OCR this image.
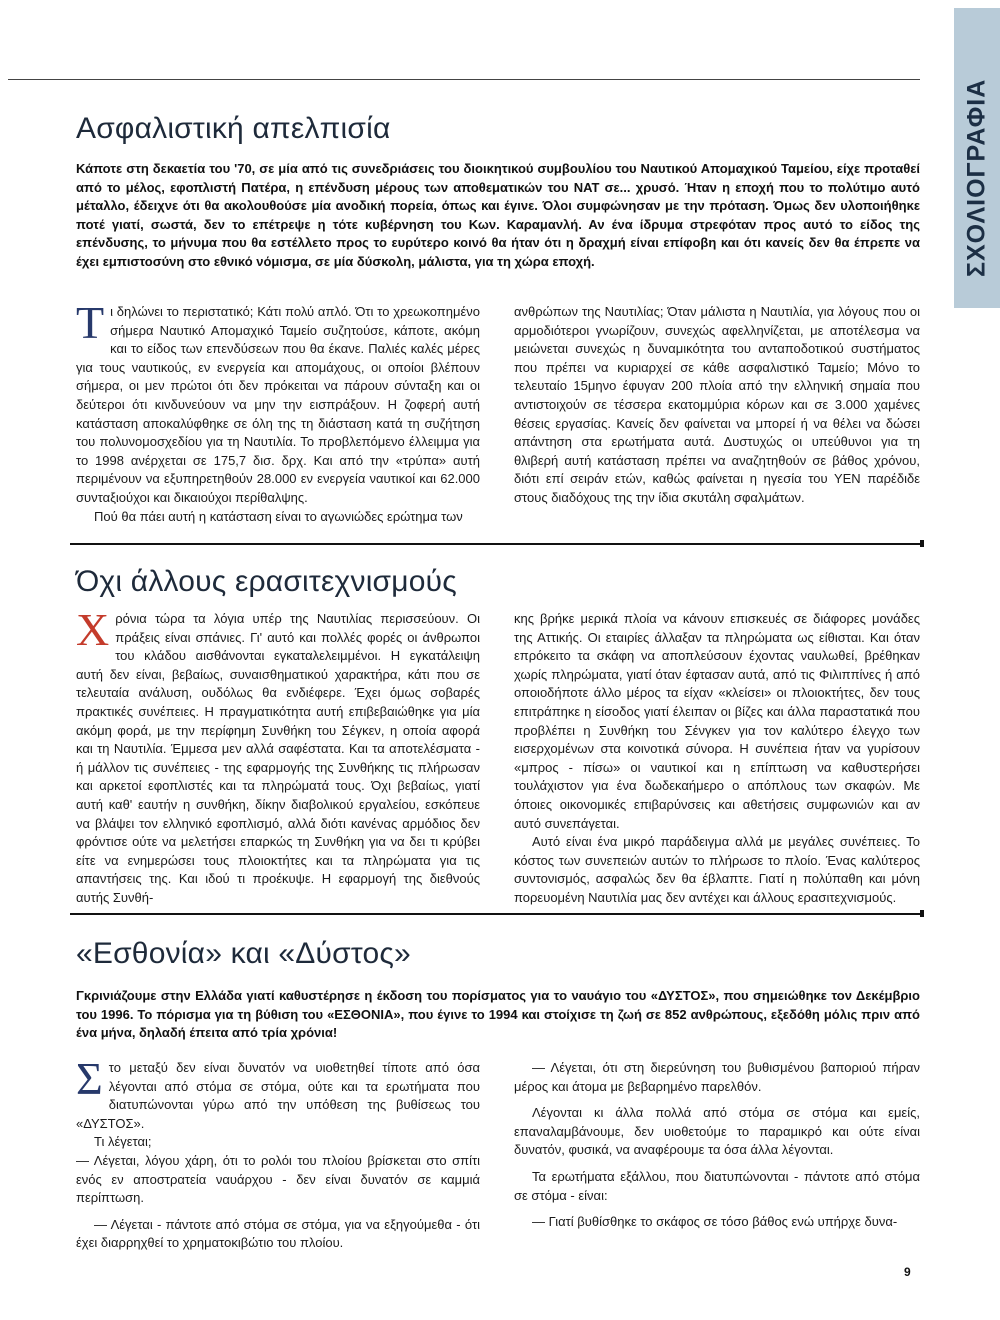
ΣΧΟΛΙΟΓΡΑΦΙΑ
Ασφαλιστική απελπισία

Κάποτε στη δεκαετία του '70, σε μία από τις συνεδριάσεις του διοικητικού συμβουλίου του Ναυτικού Απομαχικού Ταμείου, είχε προταθεί από το μέλος, εφοπλιστή Πατέρα, η επένδυση μέρους των αποθεματικών του ΝΑΤ σε... χρυσό. Ήταν η εποχή που το πολύτιμο αυτό μέταλλο, έδειχνε ότι θα ακολουθούσε μία ανοδική πορεία, όπως και έγινε. Όλοι συμφώνησαν με την πρόταση. Όμως δεν υλοποιήθηκε ποτέ γιατί, σωστά, δεν το επέτρεψε η τότε κυβέρνηση του Κων. Καραμανλή. Αν ένα ίδρυμα στρεφόταν προς αυτό το είδος της επένδυσης, το μήνυμα που θα εστέλλετο προς το ευρύτερο κοινό θα ήταν ότι η δραχμή είναι επίφοβη και ότι κανείς δεν θα έπρεπε να έχει εμπιστοσύνη στο εθνικό νόμισμα, σε μία δύσκολη, μάλιστα, για τη χώρα εποχή.

Τι δηλώνει το περιστατικό; Κάτι πολύ απλό. Ότι το χρεωκοπημένο σήμερα Ναυτικό Απομαχικό Ταμείο συζητούσε, κάποτε, ακόμη και το είδος των επενδύσεων που θα έκανε. Παλιές καλές μέρες για τους ναυτικούς, εν ενεργεία και απομάχους, οι οποίοι βλέπουν σήμερα, οι μεν πρώτοι ότι δεν πρόκειται να πάρουν σύνταξη και οι δεύτεροι ότι κινδυνεύουν να μην την εισπράξουν. Η ζοφερή αυτή κατάσταση αποκαλύφθηκε σε όλη της τη διάσταση κατά τη συζήτηση του πολυνομοσχεδίου για τη Ναυτιλία. Το προβλεπόμενο έλλειμμα για το 1998 ανέρχεται σε 175,7 δισ. δρχ. Και από την «τρύπα» αυτή περιμένουν να εξυπηρετηθούν 28.000 εν ενεργεία ναυτικοί και 62.000 συνταξιούχοι και δικαιούχοι περίθαλψης.

Πού θα πάει αυτή η κατάσταση είναι το αγωνιώδες ερώτημα των

ανθρώπων της Ναυτιλίας; Όταν μάλιστα η Ναυτιλία, για λόγους που οι αρμοδιότεροι γνωρίζουν, συνεχώς αφελληνίζεται, με αποτέλεσμα να μειώνεται συνεχώς η δυναμικότητα του ανταποδοτικού συστήματος που πρέπει να κυριαρχεί σε κάθε ασφαλιστικό Ταμείο; Μόνο το τελευταίο 15μηνο έφυγαν 200 πλοία από την ελληνική σημαία που αντιστοιχούν σε τέσσερα εκατομμύρια κόρων και σε 3.000 χαμένες θέσεις εργασίας. Κανείς δεν φαίνεται να μπορεί ή να θέλει να δώσει απάντηση στα ερωτήματα αυτά. Δυστυχώς οι υπεύθυνοι για τη θλιβερή αυτή κατάσταση πρέπει να αναζητηθούν σε βάθος χρόνου, διότι επί σειράν ετών, καθώς φαίνεται η ηγεσία του ΥΕΝ παρέδιδε στους διαδόχους της την ίδια σκυτάλη σφαλμάτων.

Όχι άλλους ερασιτεχνισμούς

Χρόνια τώρα τα λόγια υπέρ της Ναυτιλίας περισσεύουν. Οι πράξεις είναι σπάνιες. Γι' αυτό και πολλές φορές οι άνθρωποι του κλάδου αισθάνονται εγκαταλελειμμένοι. Η εγκατάλειψη αυτή δεν είναι, βεβαίως, συναισθηματικού χαρακτήρα, κάτι που σε τελευταία ανάλυση, ουδόλως θα ενδιέφερε. Έχει όμως σοβαρές πρακτικές συνέπειες. Η πραγματικότητα αυτή επιβεβαιώθηκε για μία ακόμη φορά, με την περίφημη Συνθήκη του Σέγκεν, η οποία αφορά και τη Ναυτιλία. Έμμεσα μεν αλλά σαφέστατα. Και τα αποτελέσματα - ή μάλλον τις συνέπειες - της εφαρμογής της Συνθήκης τις πλήρωσαν και αρκετοί εφοπλιστές και τα πληρώματά τους. Όχι βεβαίως, γιατί αυτή καθ' εαυτήν η συνθήκη, δίκην διαβολικού εργαλείου, εσκόπευε να βλάψει τον ελληνικό εφοπλισμό, αλλά διότι κανένας αρμόδιος δεν φρόντισε ούτε να μελετήσει επαρκώς τη Συνθήκη για να δει τι κρύβει είτε να ενημερώσει τους πλοιοκτήτες και τα πληρώματα για τις απαντήσεις της. Και ιδού τι προέκυψε. Η εφαρμογή της διεθνούς αυτής Συνθή-

κης βρήκε μερικά πλοία να κάνουν επισκευές σε διάφορες μονάδες της Αττικής. Οι εταιρίες άλλαξαν τα πληρώματα ως είθισται. Και όταν επρόκειτο τα σκάφη να αποπλεύσουν έχοντας ναυλωθεί, βρέθηκαν χωρίς πληρώματα, γιατί όταν έφτασαν αυτά, από τις Φιλιππίνες ή από οποιοδήποτε άλλο μέρος τα είχαν «κλείσει» οι πλοιοκτήτες, δεν τους επιτράπηκε η είσοδος γιατί έλειπαν οι βίζες και άλλα παραστατικά που προβλέπει η Συνθήκη του Σένγκεν για τον καλύτερο έλεγχο των εισερχομένων στα κοινοτικά σύνορα. Η συνέπεια ήταν να γυρίσουν «μπρος - πίσω» οι ναυτικοί και η επίπτωση να καθυστερήσει τουλάχιστον για ένα δωδεκαήμερο ο απόπλους των σκαφών. Με όποιες οικονομικές επιβαρύνσεις και αθετήσεις συμφωνιών και αν αυτό συνεπάγεται.

Αυτό είναι ένα μικρό παράδειγμα αλλά με μεγάλες συνέπειες. Το κόστος των συνεπειών αυτών το πλήρωσε το πλοίο. Ένας καλύτερος συντονισμός, ασφαλώς δεν θα έβλαπτε. Γιατί η πολύπαθη και μόνη πορευομένη Ναυτιλία μας δεν αντέχει και άλλους ερασιτεχνισμούς.

«Εσθονία» και «Δύστος»

Γκρινιάζουμε στην Ελλάδα γιατί καθυστέρησε η έκδοση του πορίσματος για το ναυάγιο του «ΔΥΣΤΟΣ», που σημειώθηκε τον Δεκέμβριο του 1996. Το πόρισμα για τη βύθιση του «ΕΣΘΟΝΙΑ», που έγινε το 1994 και στοίχισε τη ζωή σε 852 ανθρώπους, εξεδόθη μόλις πριν από ένα μήνα, δηλαδή έπειτα από τρία χρόνια!

Στο μεταξύ δεν είναι δυνατόν να υιοθετηθεί τίποτε από όσα λέγονται από στόμα σε στόμα, ούτε και τα ερωτήματα που διατυπώνονται γύρω από την υπόθεση της βυθίσεως του «ΔΥΣΤΟΣ».

Τι λέγεται;

— Λέγεται, λόγου χάρη, ότι το ρολόι του πλοίου βρίσκεται στο σπίτι ενός εν αποστρατεία ναυάρχου - δεν είναι δυνατόν σε καμμιά περίπτωση.

— Λέγεται - πάντοτε από στόμα σε στόμα, για να εξηγούμεθα - ότι έχει διαρρηχθεί το χρηματοκιβώτιο του πλοίου.

— Λέγεται, ότι στη διερεύνηση του βυθισμένου βαποριού πήραν μέρος και άτομα με βεβαρημένο παρελθόν.

Λέγονται κι άλλα πολλά από στόμα σε στόμα και εμείς, επαναλαμβάνουμε, δεν υιοθετούμε το παραμικρό και ούτε είναι δυνατόν, φυσικά, να αναφέρουμε τα όσα άλλα λέγονται.

Τα ερωτήματα εξάλλου, που διατυπώνονται - πάντοτε από στόμα σε στόμα - είναι:

— Γιατί βυθίσθηκε το σκάφος σε τόσο βάθος ενώ υπήρχε δυνα-

9
